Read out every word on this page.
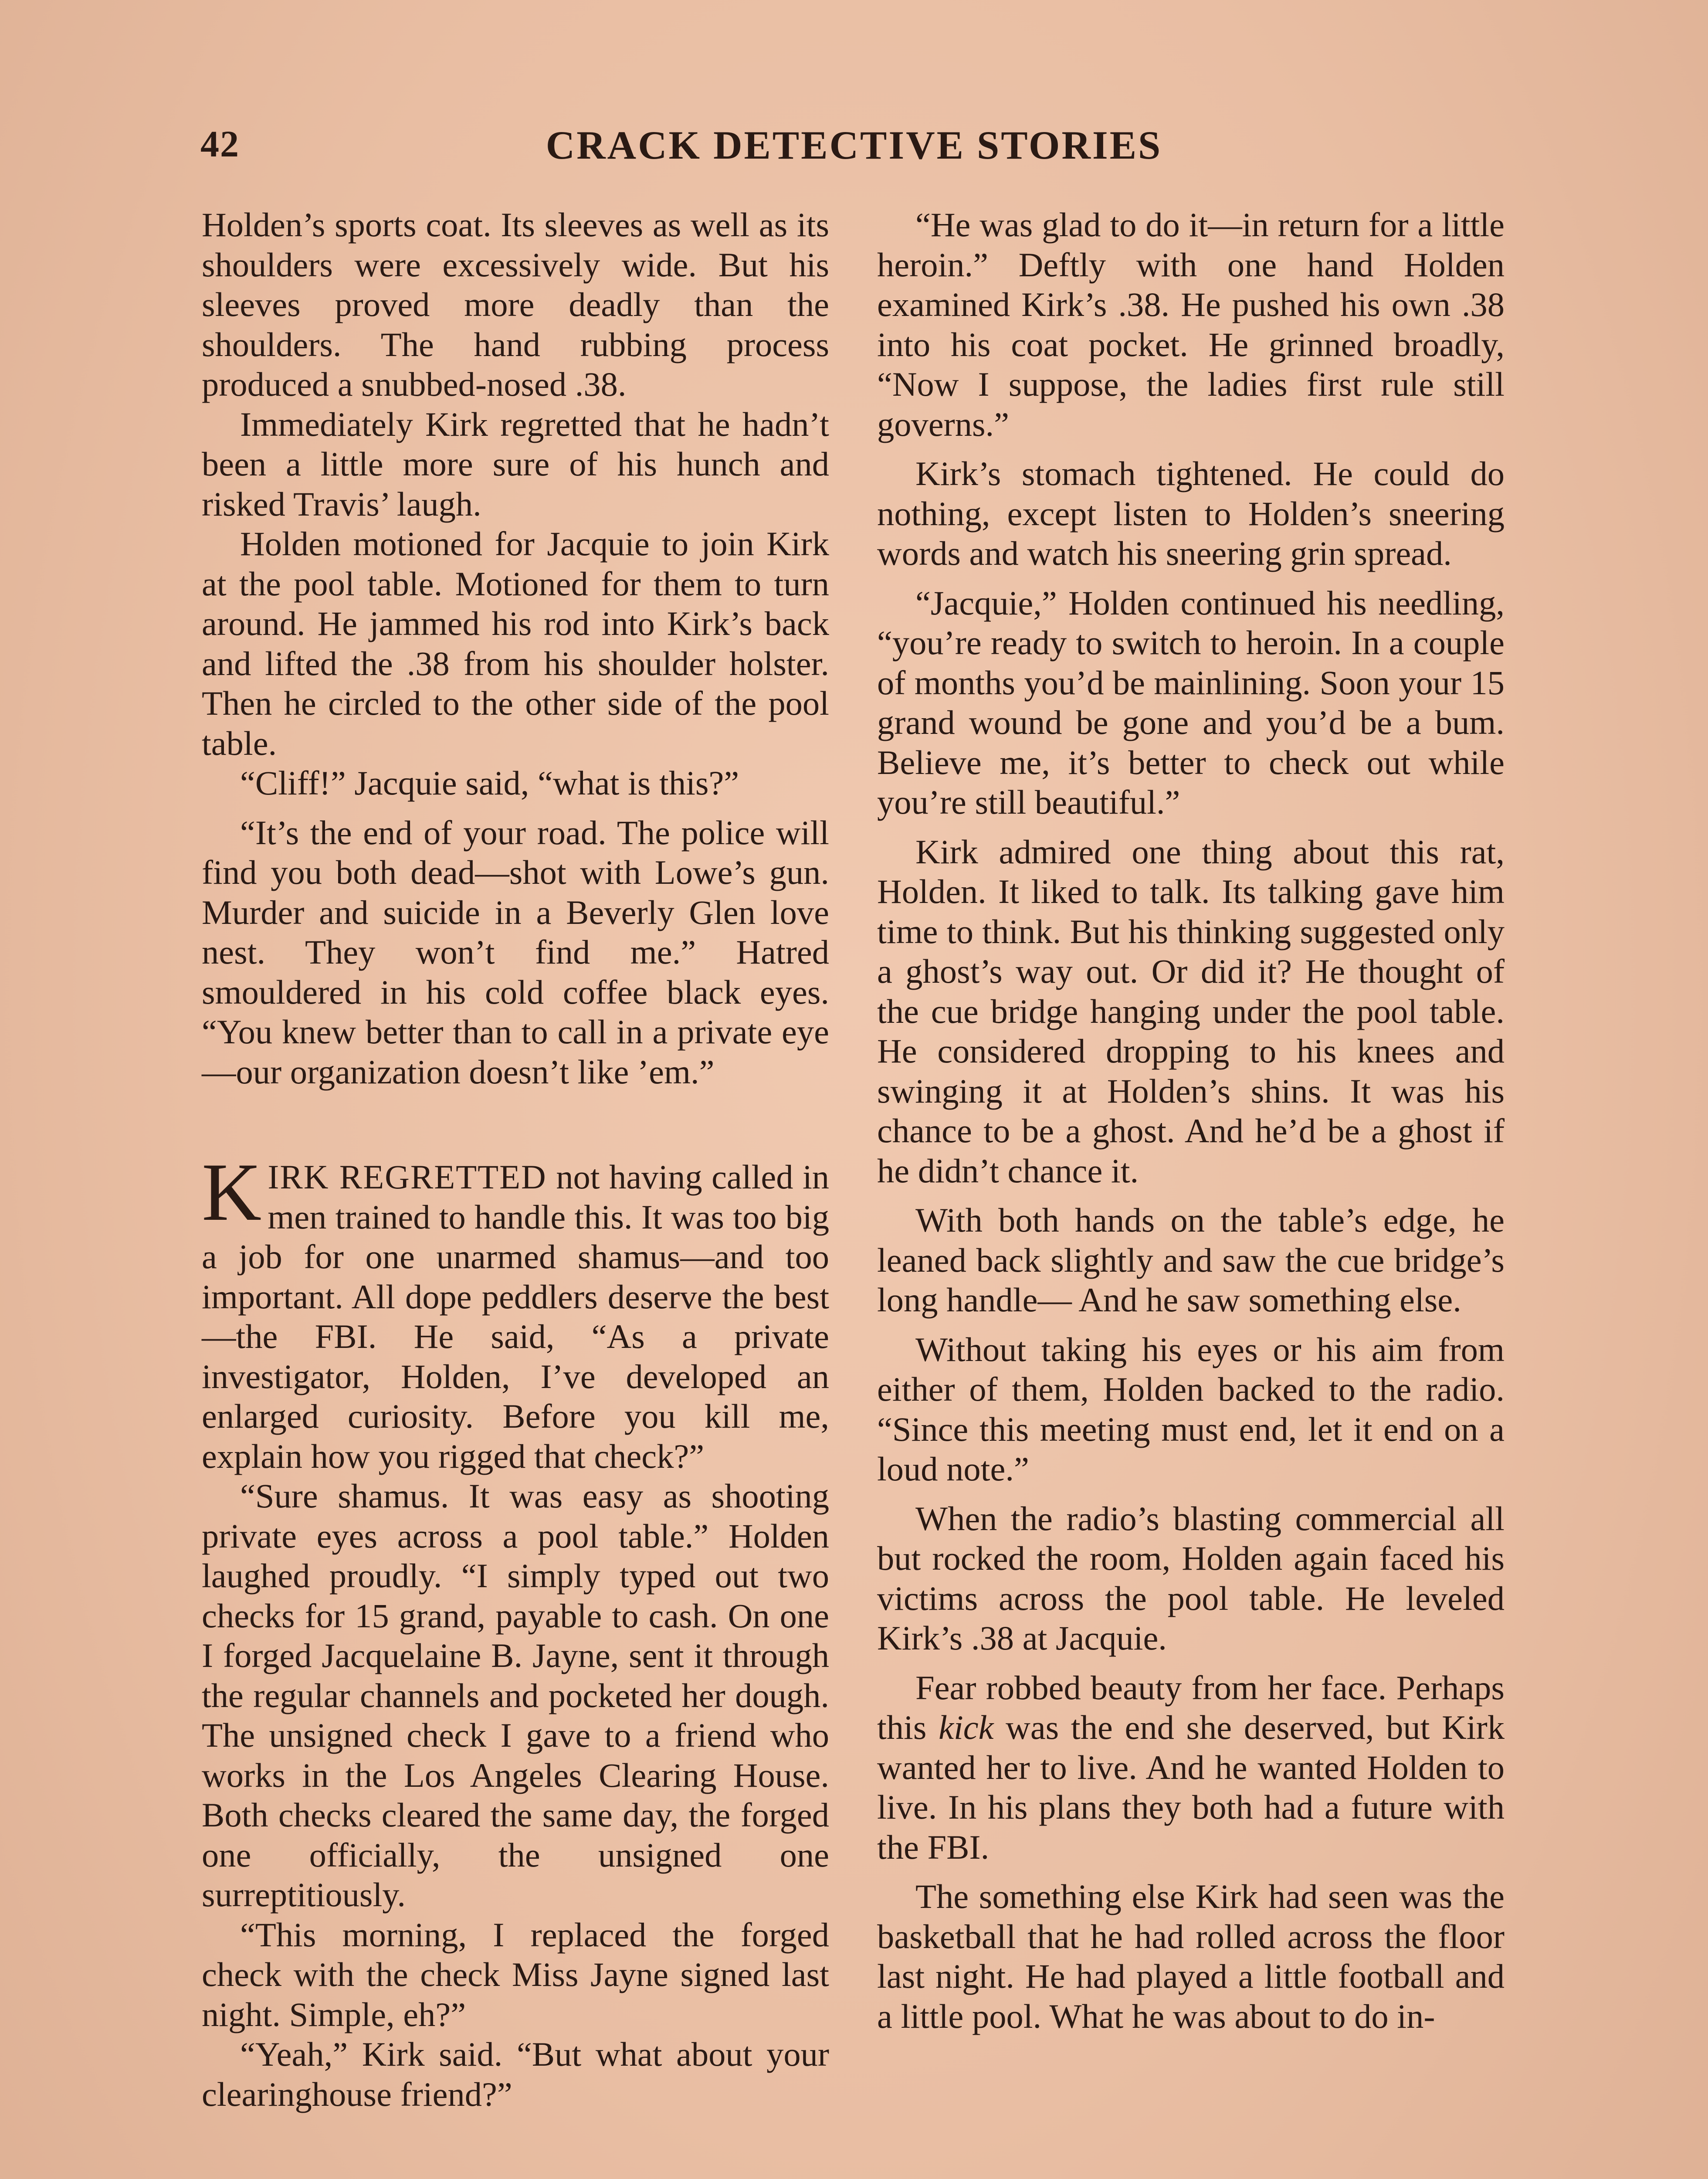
42	CRACK DETECTIVE STORIES

Holden’s sports coat. Its sleeves as well as its shoulders were excessively wide. But his sleeves proved more deadly than the shoulders. The hand rubbing process produced a snubbed-nosed .38.

Immediately Kirk regretted that he hadn’t been a little more sure of his hunch and risked Travis’ laugh.

Holden motioned for Jacquie to join Kirk at the pool table. Motioned for them to turn around. He jammed his rod into Kirk’s back and lifted the .38 from his shoulder holster. Then he circled to the other side of the pool table.

“Cliff!” Jacquie said, “what is this?”

“It’s the end of your road. The police will find you both dead—shot with Lowe’s gun. Murder and suicide in a Beverly Glen love nest. They won’t find me.” Hatred smouldered in his cold coffee black eyes. “You knew better than to call in a private eye—our organization doesn’t like ’em.”

KIRK REGRETTED not having called in men trained to handle this. It was too big a job for one unarmed shamus—and too important. All dope peddlers deserve the best—the FBI. He said, “As a private investigator, Holden, I’ve developed an enlarged curiosity. Before you kill me, explain how you rigged that check?”

“Sure shamus. It was easy as shooting private eyes across a pool table.” Holden laughed proudly. “I simply typed out two checks for 15 grand, payable to cash. On one I forged Jacquelaine B. Jayne, sent it through the regular channels and pocketed her dough. The unsigned check I gave to a friend who works in the Los Angeles Clearing House. Both checks cleared the same day, the forged one officially, the unsigned one surreptitiously.

“This morning, I replaced the forged check with the check Miss Jayne signed last night. Simple, eh?”

“Yeah,” Kirk said. “But what about your clearinghouse friend?”

“He was glad to do it—in return for a little heroin.” Deftly with one hand Holden examined Kirk’s .38. He pushed his own .38 into his coat pocket. He grinned broadly, “Now I suppose, the ladies first rule still governs.”

Kirk’s stomach tightened. He could do nothing, except listen to Holden’s sneering words and watch his sneering grin spread.

“Jacquie,” Holden continued his needling, “you’re ready to switch to heroin. In a couple of months you’d be mainlining. Soon your 15 grand wound be gone and you’d be a bum. Believe me, it’s better to check out while you’re still beautiful.”

Kirk admired one thing about this rat, Holden. It liked to talk. Its talking gave him time to think. But his thinking suggested only a ghost’s way out. Or did it? He thought of the cue bridge hanging under the pool table. He considered dropping to his knees and swinging it at Holden’s shins. It was his chance to be a ghost. And he’d be a ghost if he didn’t chance it.

With both hands on the table’s edge, he leaned back slightly and saw the cue bridge’s long handle— And he saw something else.

Without taking his eyes or his aim from either of them, Holden backed to the radio. “Since this meeting must end, let it end on a loud note.”

When the radio’s blasting commercial all but rocked the room, Holden again faced his victims across the pool table. He leveled Kirk’s .38 at Jacquie.

Fear robbed beauty from her face. Perhaps this kick was the end she deserved, but Kirk wanted her to live. And he wanted Holden to live. In his plans they both had a future with the FBI.

The something else Kirk had seen was the basketball that he had rolled across the floor last night. He had played a little football and a little pool. What he was about to do in-
